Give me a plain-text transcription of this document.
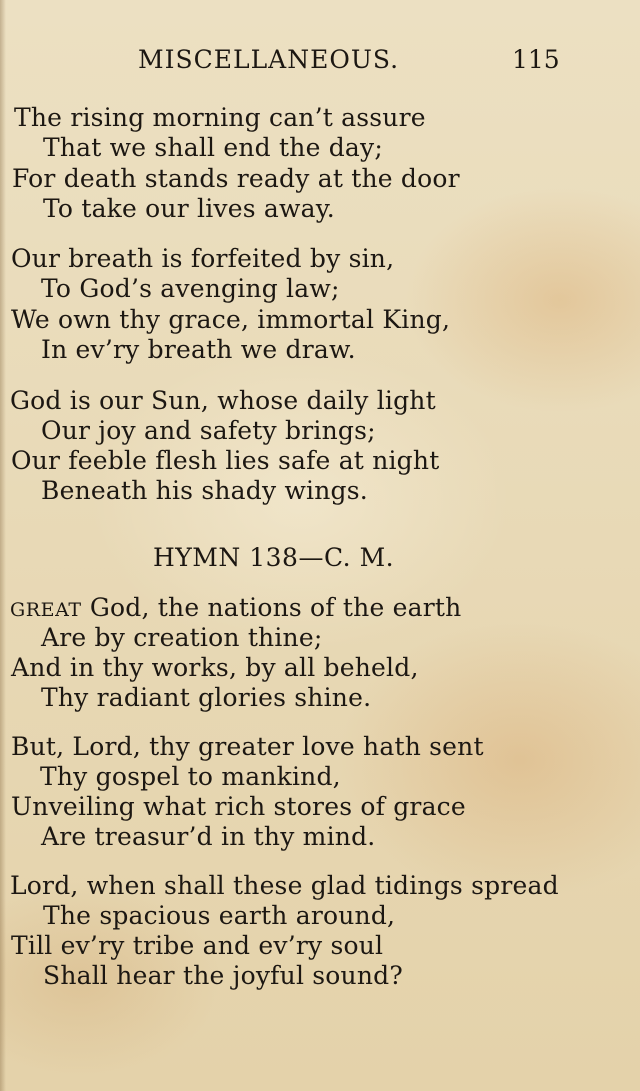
MISCELLANEOUS.	115
The rising morning can’t assure
That we shall end the day;
For death stands ready at the door
To take our lives away.
Our breath is forfeited by sin,
To God’s avenging law;
We own thy grace, immortal King,
In ev’ry breath we draw.
God is our Sun, whose daily light
Our joy and safety brings;
Our feeble flesh lies safe at night
Beneath his shady wings.
HYMN 138—C. M.
GREAT God, the nations of the earth
Are by creation thine;
And in thy works, by all beheld,
Thy radiant glories shine.
But, Lord, thy greater love hath sent
Thy gospel to mankind,
Unveiling what rich stores of grace
Are treasur’d in thy mind.
Lord, when shall these glad tidings spread
The spacious earth around,
Till ev’ry tribe and ev’ry soul
Shall hear the joyful sound?
